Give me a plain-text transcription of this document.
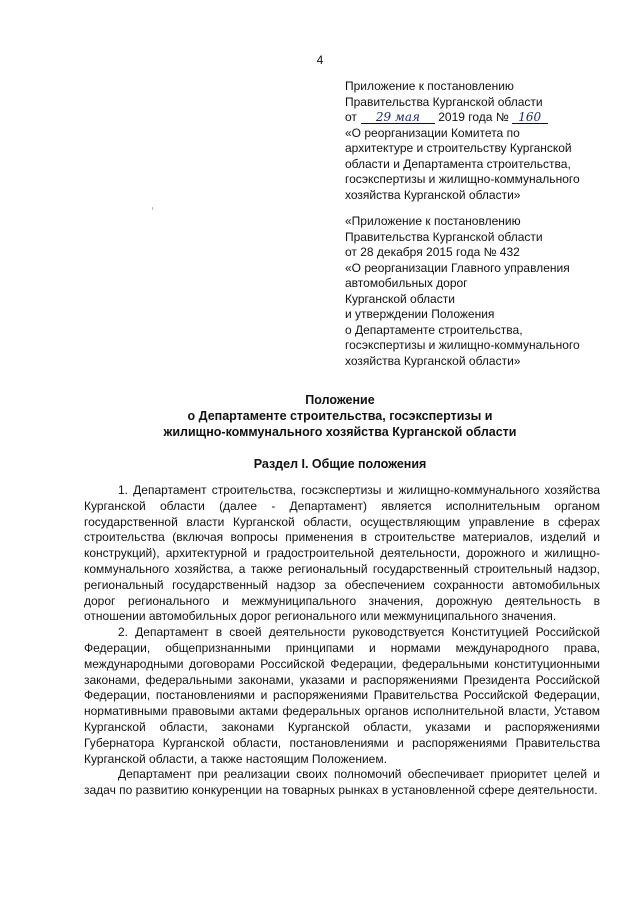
4

Приложение к постановлению

Правительства Курганской области

от 29 мая 2019 года № 160

«О реорганизации Комитета по

архитектуре и строительству Курганской

области и Департамента строительства,

госэкспертизы и жилищно-коммунального

хозяйства Курганской области»

«Приложение к постановлению

Правительства Курганской области

от 28 декабря 2015 года № 432

«О реорганизации Главного управления

автомобильных дорог

Курганской области

и утверждении Положения

о Департаменте строительства,

госэкспертизы и жилищно-коммунального

хозяйства Курганской области»

Положение

о Департаменте строительства, госэкспертизы и

жилищно-коммунального хозяйства Курганской области

Раздел I. Общие положения

1. Департамент строительства, госэкспертизы и жилищно-коммунального хозяйства Курганской области (далее - Департамент) является исполнительным органом государственной власти Курганской области, осуществляющим управление в сферах строительства (включая вопросы применения в строительстве материалов, изделий и конструкций), архитектурной и градостроительной деятельности, дорожного и жилищно-коммунального хозяйства, а также региональный государственный строительный надзор, региональный государственный надзор за обеспечением сохранности автомобильных дорог регионального и межмуниципального значения, дорожную деятельность в отношении автомобильных дорог регионального или межмуниципального значения.

2. Департамент в своей деятельности руководствуется Конституцией Российской Федерации, общепризнанными принципами и нормами международного права, международными договорами Российской Федерации, федеральными конституционными законами, федеральными законами, указами и распоряжениями Президента Российской Федерации, постановлениями и распоряжениями Правительства Российской Федерации, нормативными правовыми актами федеральных органов исполнительной власти, Уставом Курганской области, законами Курганской области, указами и распоряжениями Губернатора Курганской области, постановлениями и распоряжениями Правительства Курганской области, а также настоящим Положением.

Департамент при реализации своих полномочий обеспечивает приоритет целей и задач по развитию конкуренции на товарных рынках в установленной сфере деятельности.
